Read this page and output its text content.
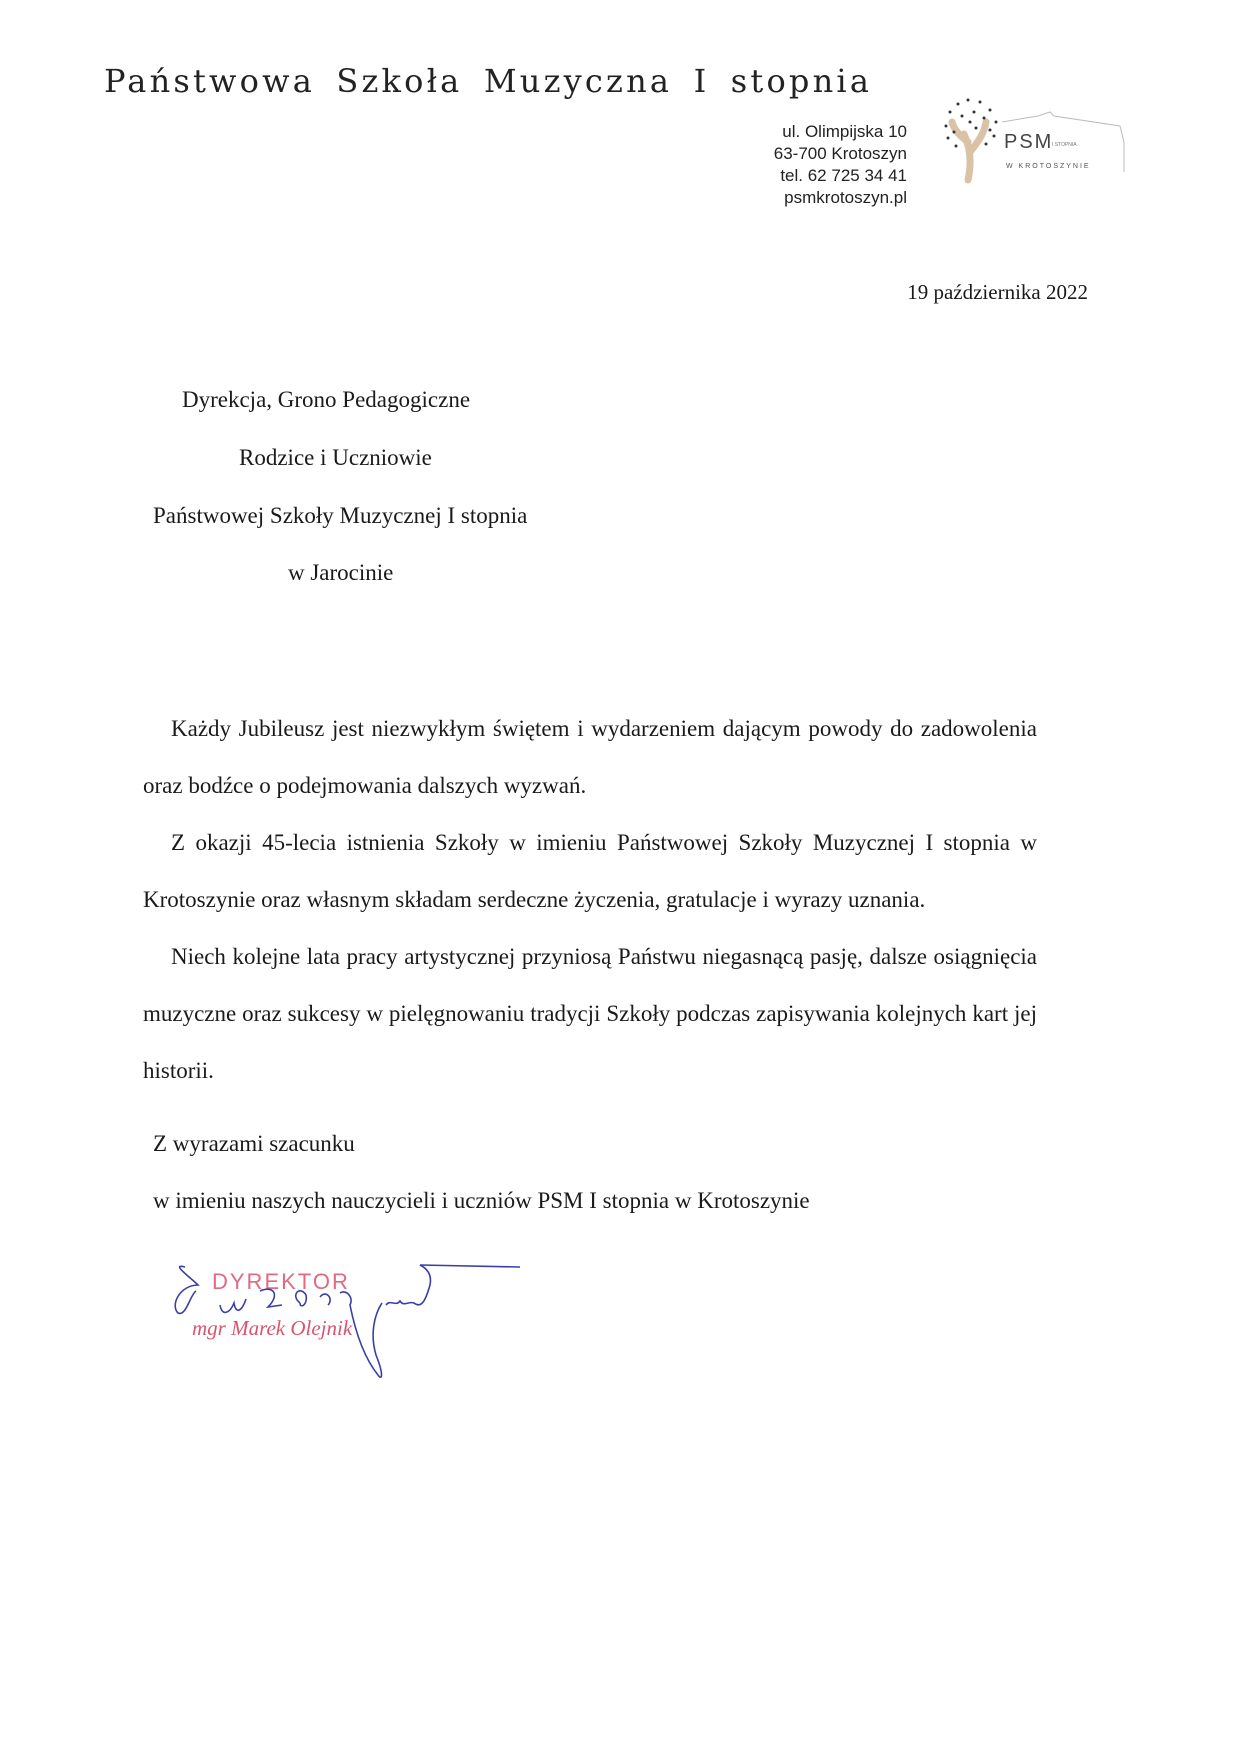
Państwowa Szkoła Muzyczna I stopnia
ul. Olimpijska 10
63-700 Krotoszyn
tel. 62 725 34 41
psmkrotoszyn.pl
PSM
I STOPNIA
W KROTOSZYNIE
19 października 2022
Dyrekcja, Grono Pedagogiczne
Rodzice i Uczniowie
Państwowej Szkoły Muzycznej I stopnia
w Jarocinie

Każdy Jubileusz jest niezwykłym świętem i wydarzeniem dającym powody do zadowolenia oraz bodźce o podejmowania dalszych wyzwań.

Z okazji 45-lecia istnienia Szkoły w imieniu Państwowej Szkoły Muzycznej I stopnia w Krotoszynie oraz własnym składam serdeczne życzenia, gratulacje i wyrazy uznania.

Niech kolejne lata pracy artystycznej przyniosą Państwu niegasnącą pasję, dalsze osiągnięcia muzyczne oraz sukcesy w pielęgnowaniu tradycji Szkoły podczas zapisywania kolejnych kart jej historii.

Z wyrazami szacunku
w imieniu naszych nauczycieli i uczniów PSM I stopnia w Krotoszynie
DYREKTOR
mgr Marek Olejnik
